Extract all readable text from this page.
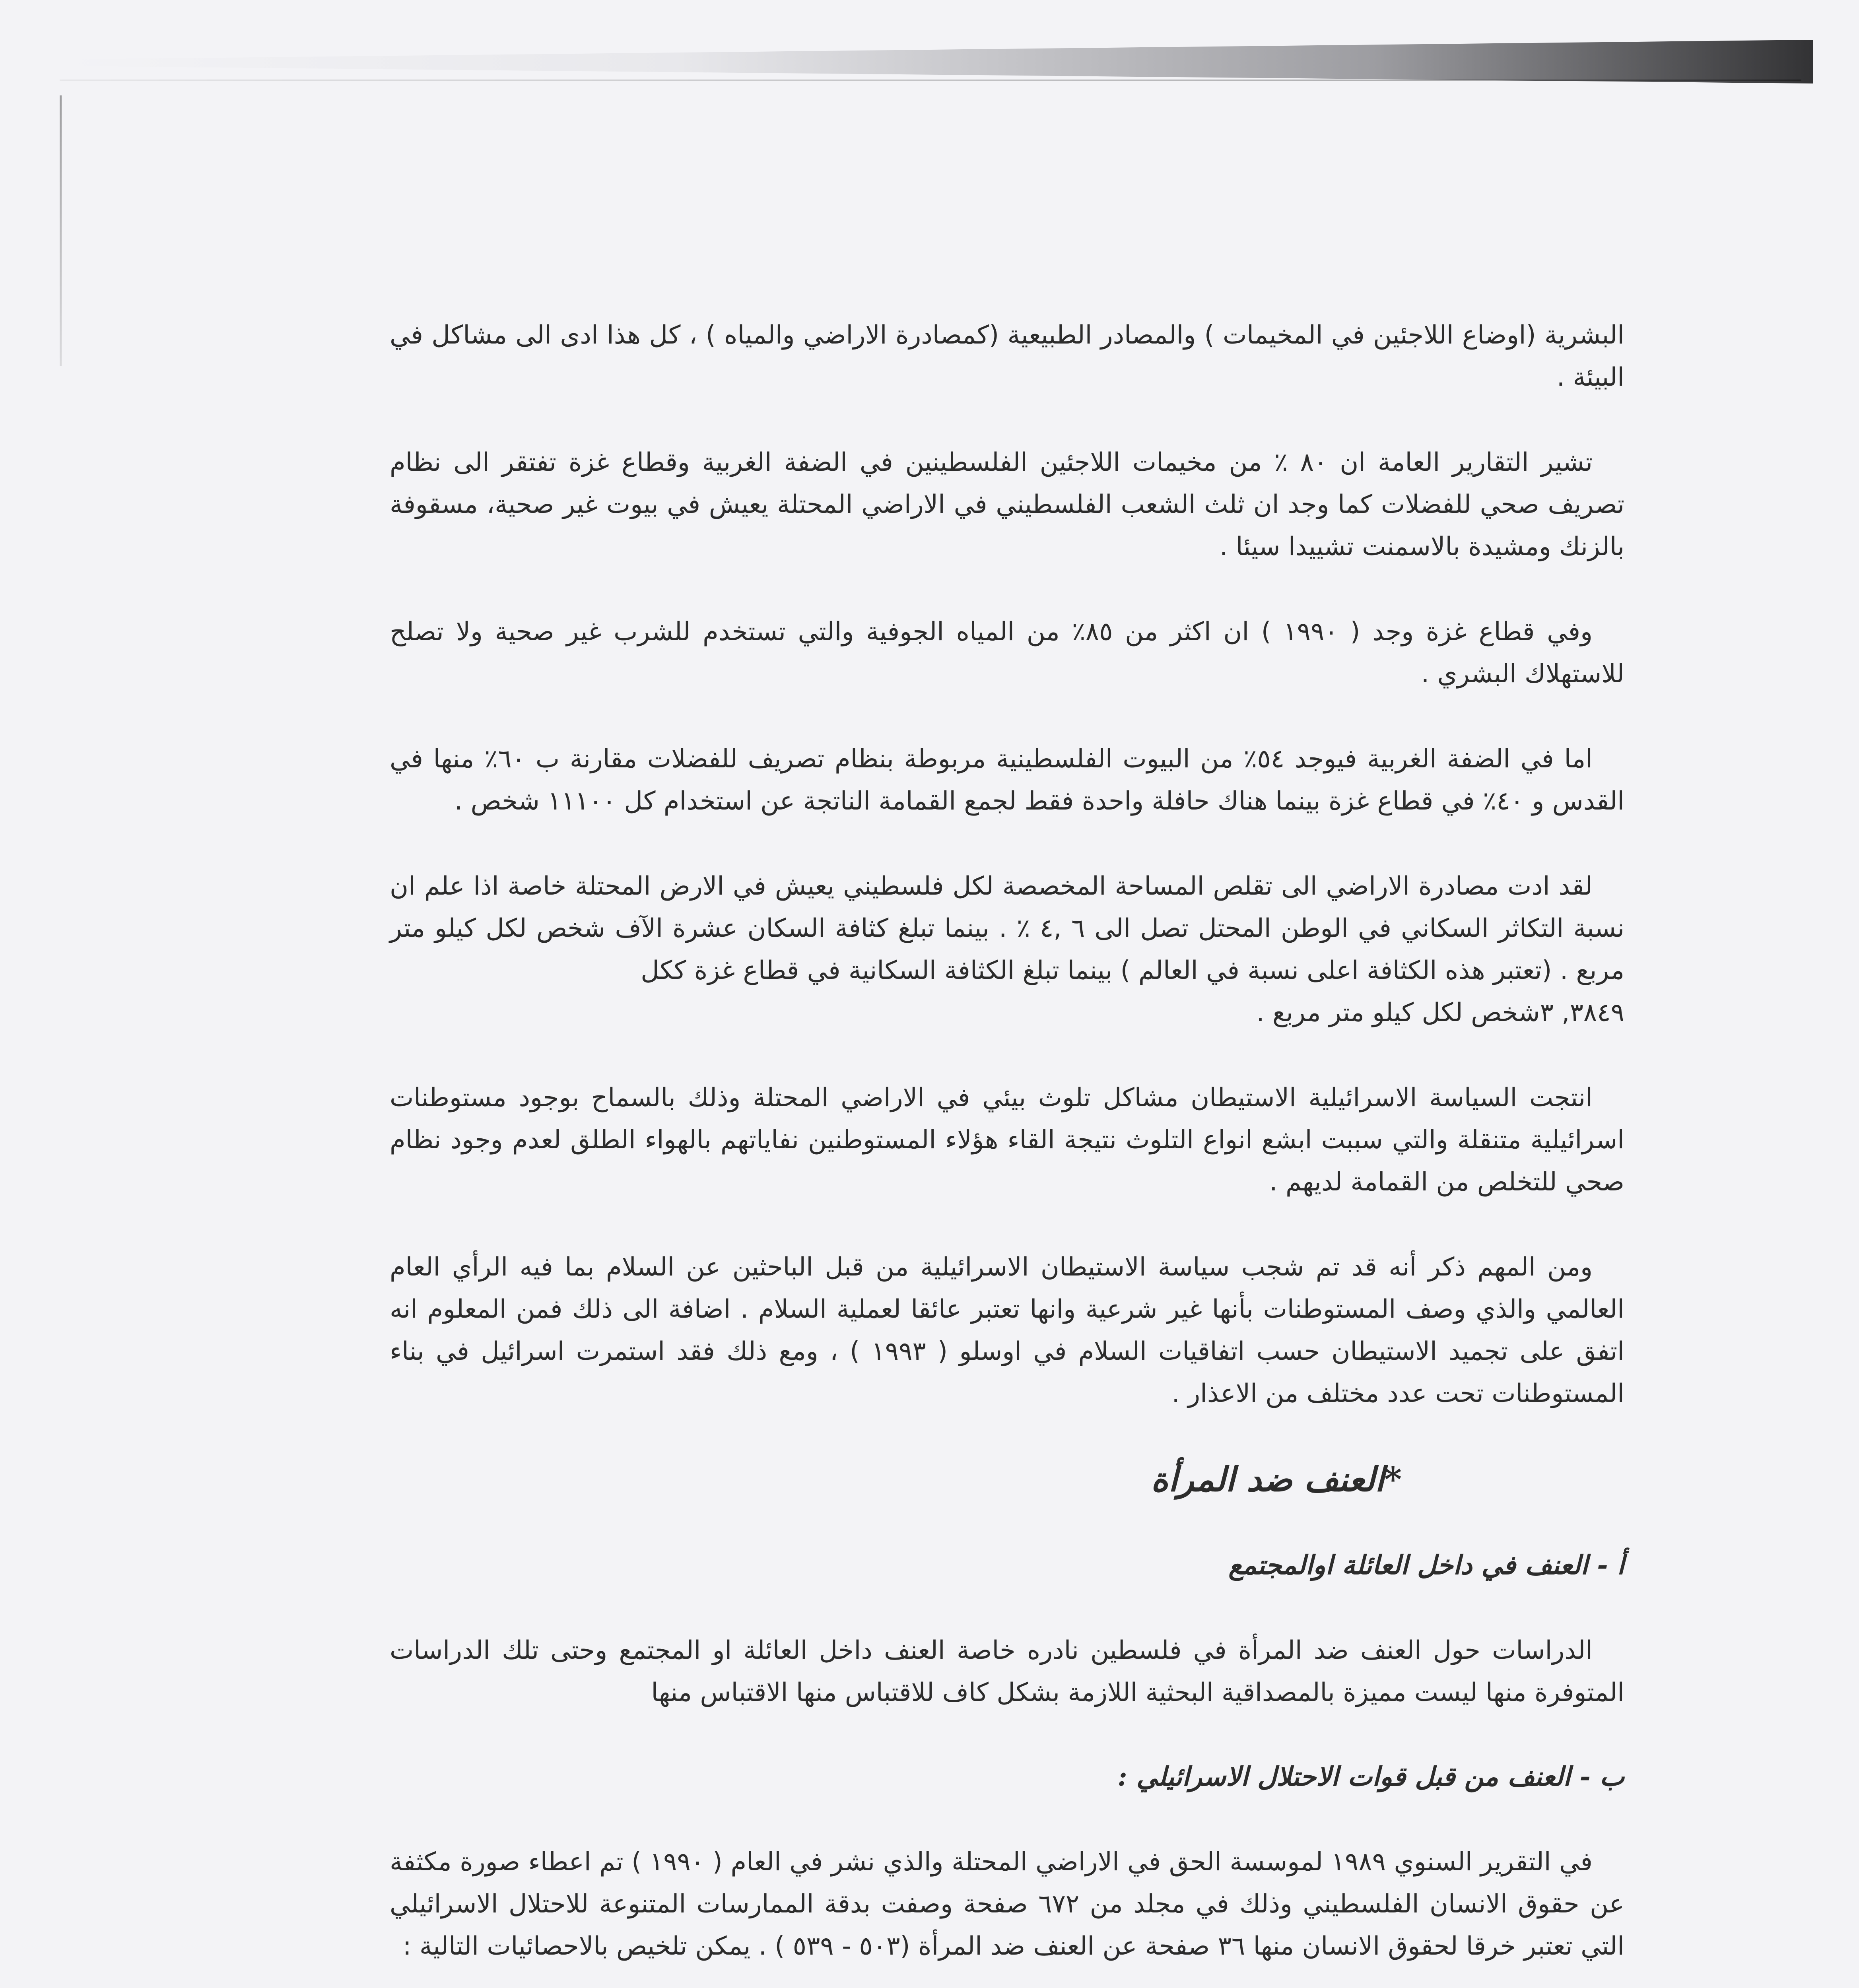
البشرية (اوضاع اللاجئين في المخيمات ) والمصادر الطبيعية (كمصادرة الاراضي والمياه ) ، كل هذا ادى الى مشاكل في البيئة .

تشير التقارير العامة ان ٨٠ ٪ من مخيمات اللاجئين الفلسطينين في الضفة الغربية وقطاع غزة تفتقر الى نظام تصريف صحي للفضلات كما وجد ان ثلث الشعب الفلسطيني في الاراضي المحتلة يعيش في بيوت غير صحية، مسقوفة بالزنك ومشيدة بالاسمنت تشييدا سيئا .

وفي قطاع غزة وجد ( ١٩٩٠ ) ان اكثر من ٨٥٪ من المياه الجوفية والتي تستخدم للشرب غير صحية ولا تصلح للاستهلاك البشري .

اما في الضفة الغربية فيوجد ٥٤٪ من البيوت الفلسطينية مربوطة بنظام تصريف للفضلات مقارنة ب ٦٠٪ منها في القدس و ٤٠٪ في قطاع غزة بينما هناك حافلة واحدة فقط لجمع القمامة الناتجة عن استخدام كل ١١١٠٠ شخص .

لقد ادت مصادرة الاراضي الى تقلص المساحة المخصصة لكل فلسطيني يعيش في الارض المحتلة خاصة اذا علم ان نسبة التكاثر السكاني في الوطن المحتل تصل الى ٦ ,٤ ٪ . بينما تبلغ كثافة السكان عشرة الآف شخص لكل كيلو متر مربع . (تعتبر هذه الكثافة اعلى نسبة في العالم ) بينما تبلغ الكثافة السكانية في قطاع غزة ككل

٣٨٤٩, ٣شخص لكل كيلو متر مربع .

انتجت السياسة الاسرائيلية الاستيطان مشاكل تلوث بيئي في الاراضي المحتلة وذلك بالسماح بوجود مستوطنات اسرائيلية متنقلة والتي سببت ابشع انواع التلوث نتيجة القاء هؤلاء المستوطنين نفاياتهم بالهواء الطلق لعدم وجود نظام صحي للتخلص من القمامة لديهم .

ومن المهم ذكر أنه قد تم شجب سياسة الاستيطان الاسرائيلية من قبل الباحثين عن السلام بما فيه الرأي العام العالمي والذي وصف المستوطنات بأنها غير شرعية وانها تعتبر عائقا لعملية السلام . اضافة الى ذلك فمن المعلوم انه اتفق على تجميد الاستيطان حسب اتفاقيات السلام في اوسلو ( ١٩٩٣ ) ، ومع ذلك فقد استمرت اسرائيل في بناء المستوطنات تحت عدد مختلف من الاعذار .

*العنف ضد المرأة
أ - العنف في داخل العائلة اوالمجتمع

الدراسات حول العنف ضد المرأة في فلسطين نادره خاصة العنف داخل العائلة او المجتمع وحتى تلك الدراسات المتوفرة منها ليست مميزة بالمصداقية البحثية اللازمة بشكل كاف للاقتباس منها الاقتباس منها

ب - العنف من قبل قوات الاحتلال الاسرائيلي :

في التقرير السنوي ١٩٨٩ لموسسة الحق في الاراضي المحتلة والذي نشر في العام ( ١٩٩٠ ) تم اعطاء صورة مكثفة عن حقوق الانسان الفلسطيني وذلك في مجلد من ٦٧٢ صفحة وصفت بدقة الممارسات المتنوعة للاحتلال الاسرائيلي التي تعتبر خرقا لحقوق الانسان منها ٣٦ صفحة عن العنف ضد المرأة (٥٠٣ - ٥٣٩ ) . يمكن تلخيص بالاحصائيات التالية :
